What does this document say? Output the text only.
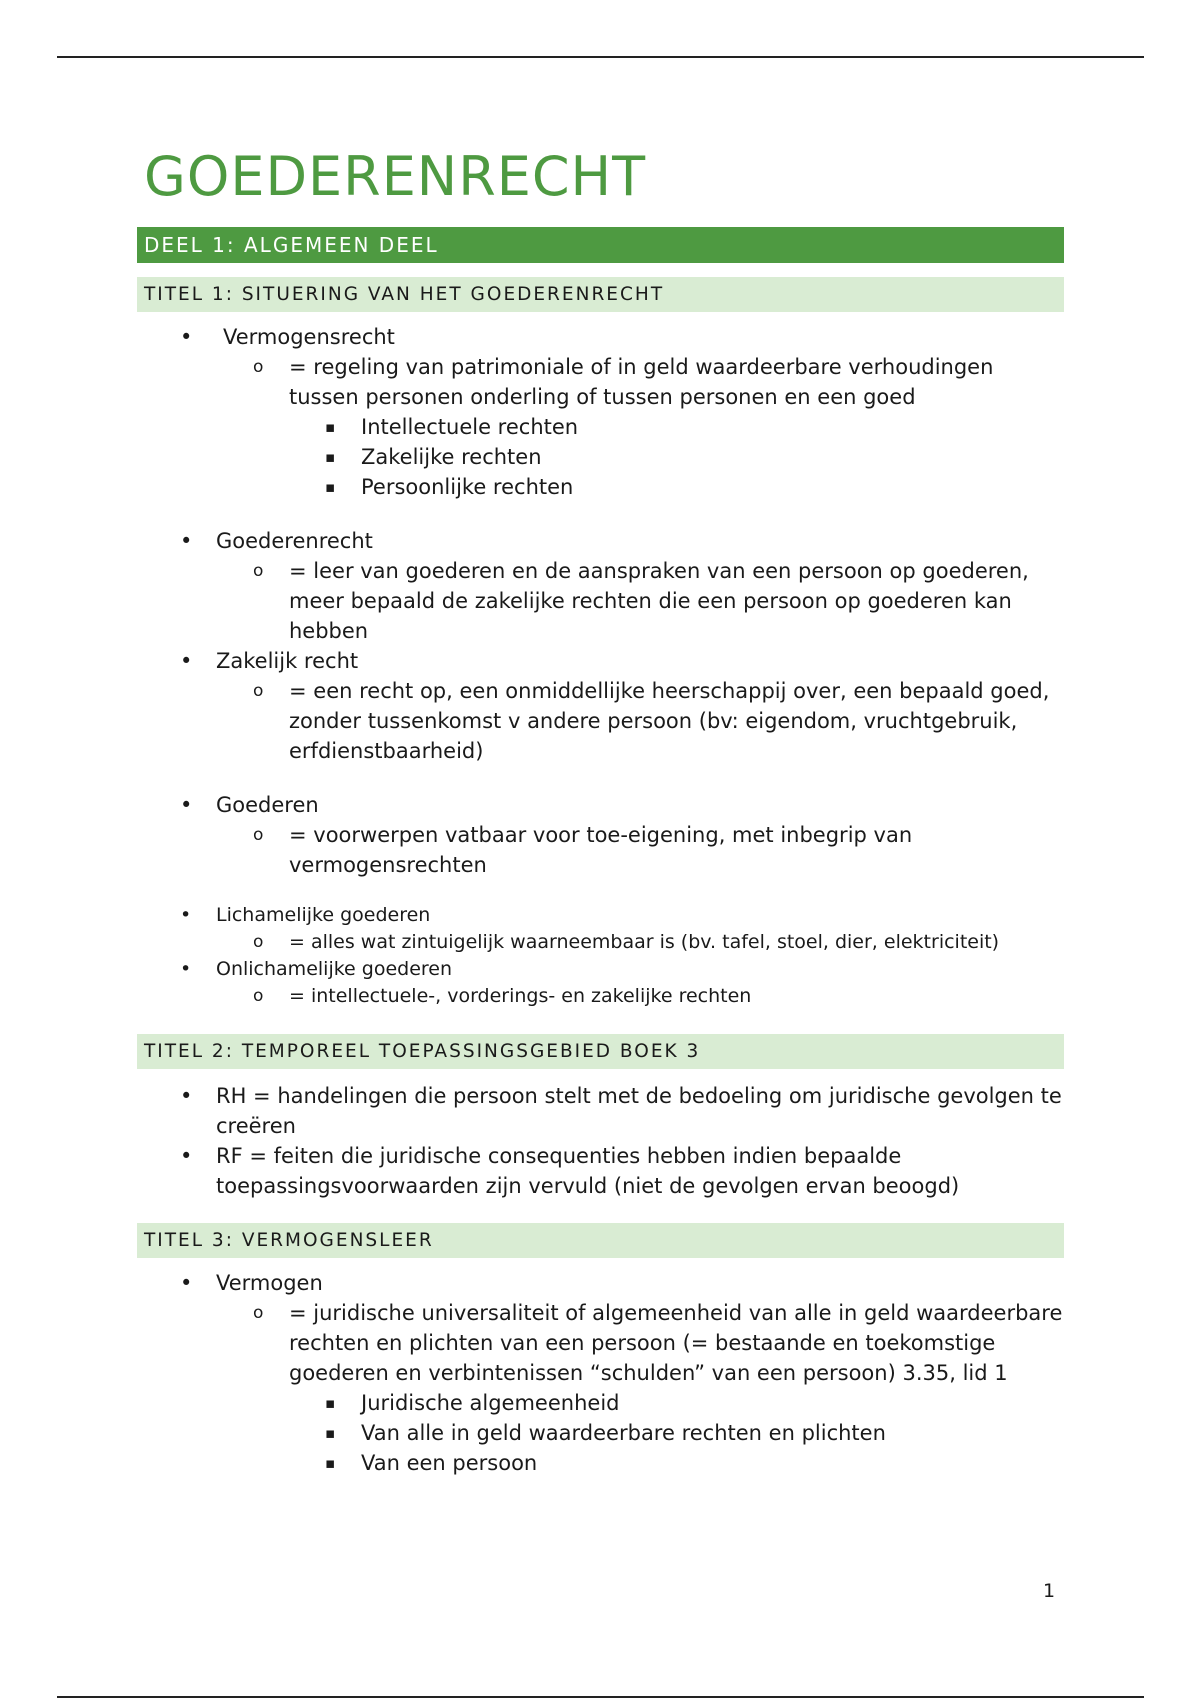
GOEDERENRECHT
DEEL 1: ALGEMEEN DEEL
TITEL 1: SITUERING VAN HET GOEDERENRECHT
• Vermogensrecht
o = regeling van patrimoniale of in geld waardeerbare verhoudingen tussen personen onderling of tussen personen en een goed
▪ Intellectuele rechten
▪ Zakelijke rechten
▪ Persoonlijke rechten
• Goederenrecht
o = leer van goederen en de aanspraken van een persoon op goederen, meer bepaald de zakelijke rechten die een persoon op goederen kan hebben
• Zakelijk recht
o = een recht op, een onmiddellijke heerschappij over, een bepaald goed, zonder tussenkomst v andere persoon (bv: eigendom, vruchtgebruik, erfdienstbaarheid)
• Goederen
o = voorwerpen vatbaar voor toe-eigening, met inbegrip van vermogensrechten
• Lichamelijke goederen
o = alles wat zintuigelijk waarneembaar is (bv. tafel, stoel, dier, elektriciteit)
• Onlichamelijke goederen
o = intellectuele-, vorderings- en zakelijke rechten
TITEL 2: TEMPOREEL TOEPASSINGSGEBIED BOEK 3
• RH = handelingen die persoon stelt met de bedoeling om juridische gevolgen te creëren
• RF = feiten die juridische consequenties hebben indien bepaalde toepassingsvoorwaarden zijn vervuld (niet de gevolgen ervan beoogd)
TITEL 3: VERMOGENSLEER
• Vermogen
o = juridische universaliteit of algemeenheid van alle in geld waardeerbare rechten en plichten van een persoon (= bestaande en toekomstige goederen en verbintenissen “schulden” van een persoon) 3.35, lid 1
▪ Juridische algemeenheid
▪ Van alle in geld waardeerbare rechten en plichten
▪ Van een persoon
1
